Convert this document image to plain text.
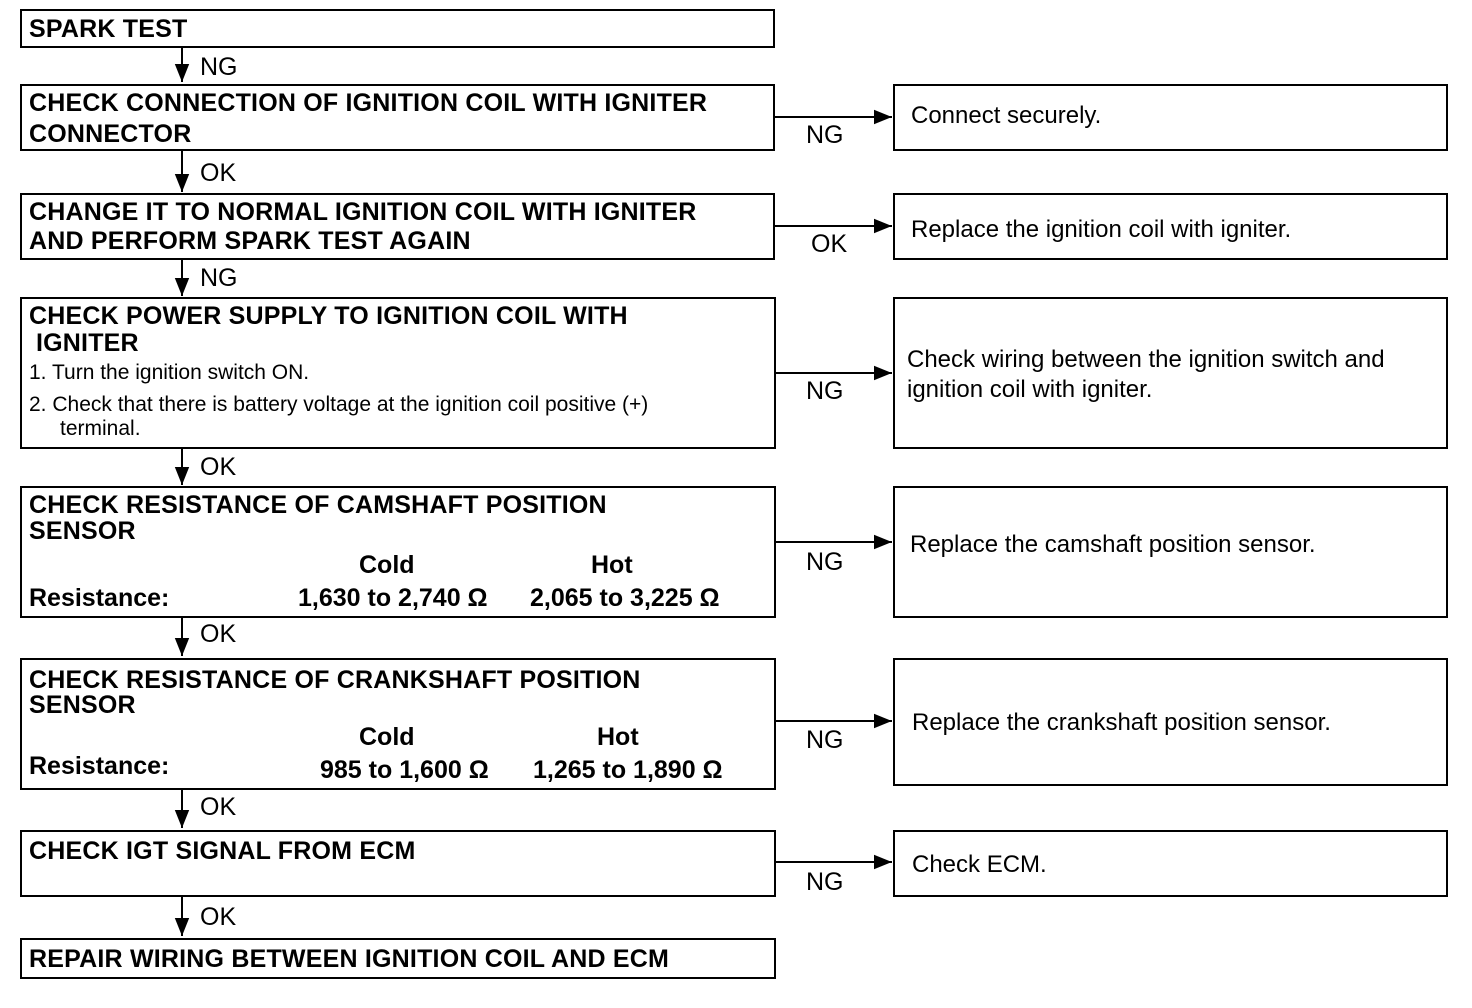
NG
OK
NG
OK
OK
OK
OK
NG
OK
NG
NG
NG
NG
SPARK TEST
CHECK CONNECTION OF IGNITION COIL WITH IGNITER
CONNECTOR
Connect securely.
CHANGE IT TO NORMAL IGNITION COIL WITH IGNITER
AND PERFORM SPARK TEST AGAIN	Replace the ignition coil with igniter.
CHECK POWER SUPPLY TO IGNITION COIL WITH
IGNITER
1. Turn the ignition switch ON.
2. Check that there is battery voltage at the ignition coil positive (+)
terminal.
Check wiring between the ignition switch and
ignition coil with igniter.
CHECK RESISTANCE OF CAMSHAFT POSITION
SENSOR
Cold	Hot
Resistance:	1,630 to 2,740 Ω 2,065 to 3,225 Ω
Replace the camshaft position sensor.
CHECK RESISTANCE OF CRANKSHAFT POSITION
SENSOR
Cold	Hot
Resistance:	985 to 1,600 Ω 1,265 to 1,890 Ω
Replace the crankshaft position sensor.
CHECK IGT SIGNAL FROM ECM	Check ECM.
REPAIR WIRING BETWEEN IGNITION COIL AND ECM
